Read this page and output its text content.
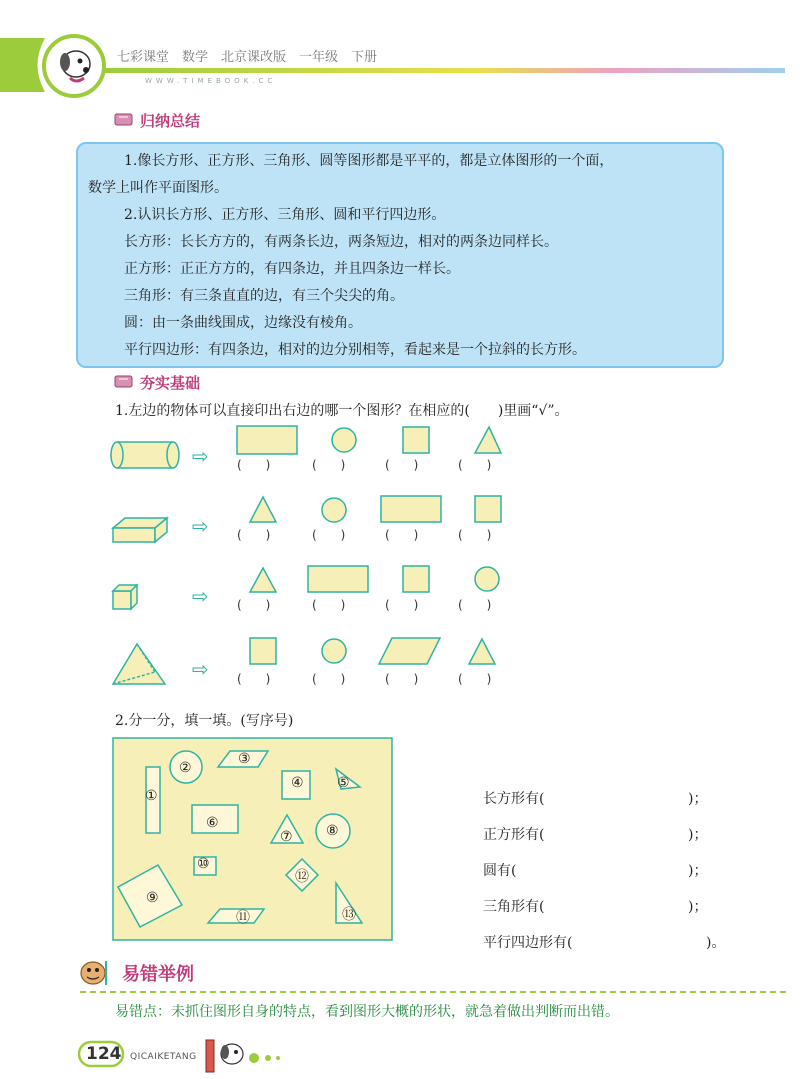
七彩课堂　数学　北京课改版　一年级　下册
WWW.TIMEBOOK.CC
归纳总结
1.像长方形、正方形、三角形、圆等图形都是平平的，都是立体图形的一个面，
数学上叫作平面图形。
2.认识长方形、正方形、三角形、圆和平行四边形。
长方形：长长方方的，有两条长边，两条短边，相对的两条边同样长。
正方形：正正方方的，有四条边，并且四条边一样长。
三角形：有三条直直的边，有三个尖尖的角。
圆：由一条曲线围成，边缘没有棱角。
平行四边形：有四条边，相对的边分别相等，看起来是一个拉斜的长方形。
夯实基础
1.左边的物体可以直接印出右边的哪一个图形？在相应的(　　)里画“√”。
⇨
⇨
⇨
⇨
(　　)	(　　)	(　　)	(　　)
(　　)	(　　)	(　　)	(　　)
(　　)	(　　)	(　　)	(　　)
(　　)	(　　)	(　　)	(　　)
2.分一分，填一填。(写序号)
①
②
③
④ ⑤
⑥
⑦ ⑧
⑨
⑩
⑪
⑫
⑬
长方形有(	)；
正方形有(	)；
圆有(	)；
三角形有(	)；
平行四边形有(	)。
易错举例
易错点：未抓住图形自身的特点，看到图形大概的形状，就急着做出判断而出错。
124 QICAIKETANG
